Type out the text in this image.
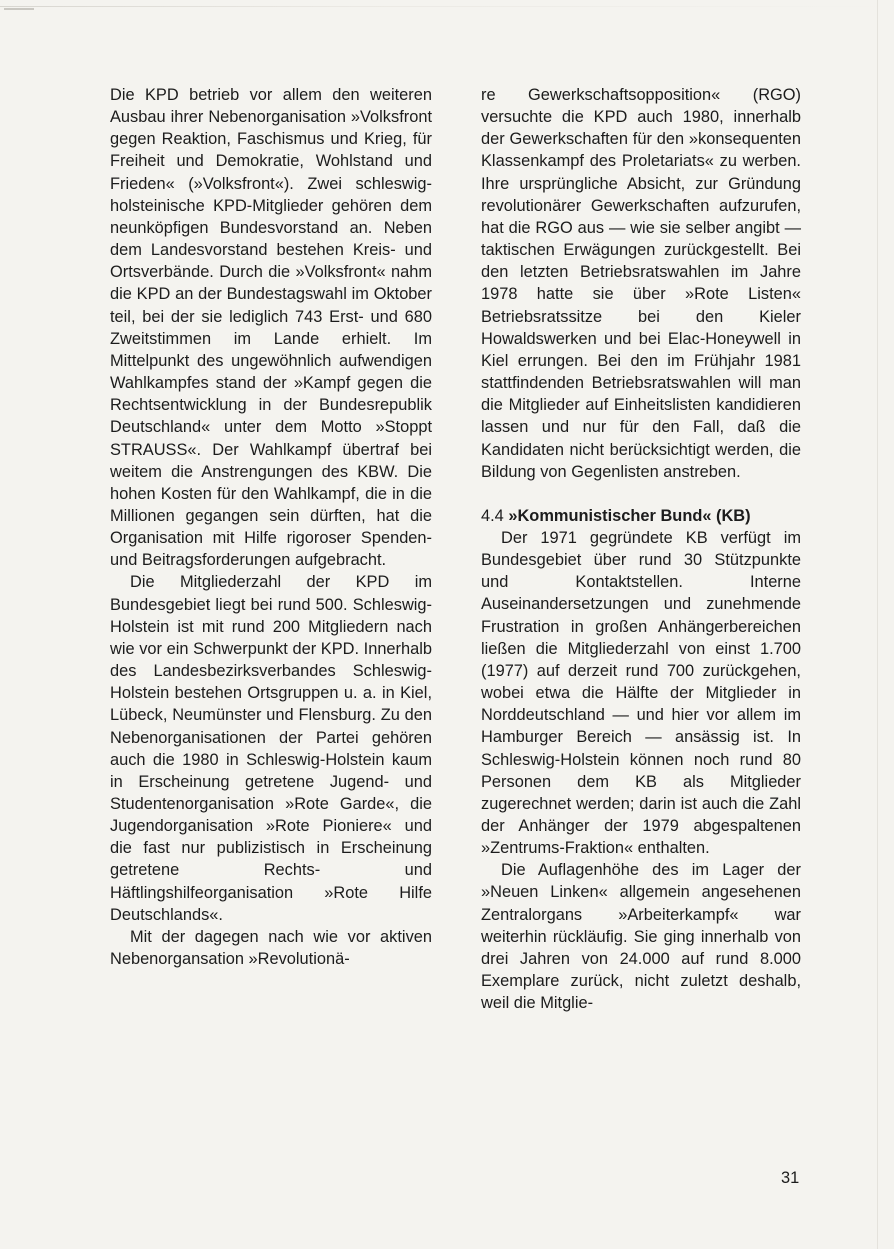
Die KPD betrieb vor allem den weiteren Ausbau ihrer Nebenorganisation »Volksfront gegen Reaktion, Faschismus und Krieg, für Freiheit und Demokratie, Wohlstand und Frieden« (»Volksfront«). Zwei schleswig-holsteinische KPD-Mitglieder gehören dem neunköpfigen Bundesvorstand an. Neben dem Landesvorstand bestehen Kreis- und Ortsverbände. Durch die »Volksfront« nahm die KPD an der Bundestagswahl im Oktober teil, bei der sie lediglich 743 Erst- und 680 Zweitstimmen im Lande erhielt. Im Mittelpunkt des ungewöhnlich aufwendigen Wahlkampfes stand der »Kampf gegen die Rechtsentwicklung in der Bundesrepublik Deutschland« unter dem Motto »Stoppt STRAUSS«. Der Wahlkampf übertraf bei weitem die Anstrengungen des KBW. Die hohen Kosten für den Wahlkampf, die in die Millionen gegangen sein dürften, hat die Organisation mit Hilfe rigoroser Spenden- und Beitragsforderungen aufgebracht.

Die Mitgliederzahl der KPD im Bundesgebiet liegt bei rund 500. Schleswig-Holstein ist mit rund 200 Mitgliedern nach wie vor ein Schwerpunkt der KPD. Innerhalb des Landesbezirksverbandes Schleswig-Holstein bestehen Ortsgruppen u. a. in Kiel, Lübeck, Neumünster und Flensburg. Zu den Nebenorganisationen der Partei gehören auch die 1980 in Schleswig-Holstein kaum in Erscheinung getretene Jugend- und Studentenorganisation »Rote Garde«, die Jugendorganisation »Rote Pioniere« und die fast nur publizistisch in Erscheinung getretene Rechts- und Häftlingshilfeorganisation »Rote Hilfe Deutschlands«.

Mit der dagegen nach wie vor aktiven Nebenorgansation »Revolutionä-

re Gewerkschaftsopposition« (RGO) versuchte die KPD auch 1980, innerhalb der Gewerkschaften für den »konsequenten Klassenkampf des Proletariats« zu werben. Ihre ursprüngliche Absicht, zur Gründung revolutionärer Gewerkschaften aufzurufen, hat die RGO aus — wie sie selber angibt — taktischen Erwägungen zurückgestellt. Bei den letzten Betriebsratswahlen im Jahre 1978 hatte sie über »Rote Listen« Betriebsratssitze bei den Kieler Howaldswerken und bei Elac-Honeywell in Kiel errungen. Bei den im Frühjahr 1981 stattfindenden Betriebsratswahlen will man die Mitglieder auf Einheitslisten kandidieren lassen und nur für den Fall, daß die Kandidaten nicht berücksichtigt werden, die Bildung von Gegenlisten anstreben.

4.4 »Kommunistischer Bund« (KB)

Der 1971 gegründete KB verfügt im Bundesgebiet über rund 30 Stützpunkte und Kontaktstellen. Interne Auseinandersetzungen und zunehmende Frustration in großen Anhängerbereichen ließen die Mitgliederzahl von einst 1.700 (1977) auf derzeit rund 700 zurückgehen, wobei etwa die Hälfte der Mitglieder in Norddeutschland — und hier vor allem im Hamburger Bereich — ansässig ist. In Schleswig-Holstein können noch rund 80 Personen dem KB als Mitglieder zugerechnet werden; darin ist auch die Zahl der Anhänger der 1979 abgespaltenen »Zentrums-Fraktion« enthalten.

Die Auflagenhöhe des im Lager der »Neuen Linken« allgemein angesehenen Zentralorgans »Arbeiterkampf« war weiterhin rückläufig. Sie ging innerhalb von drei Jahren von 24.000 auf rund 8.000 Exemplare zurück, nicht zuletzt deshalb, weil die Mitglie-

31
